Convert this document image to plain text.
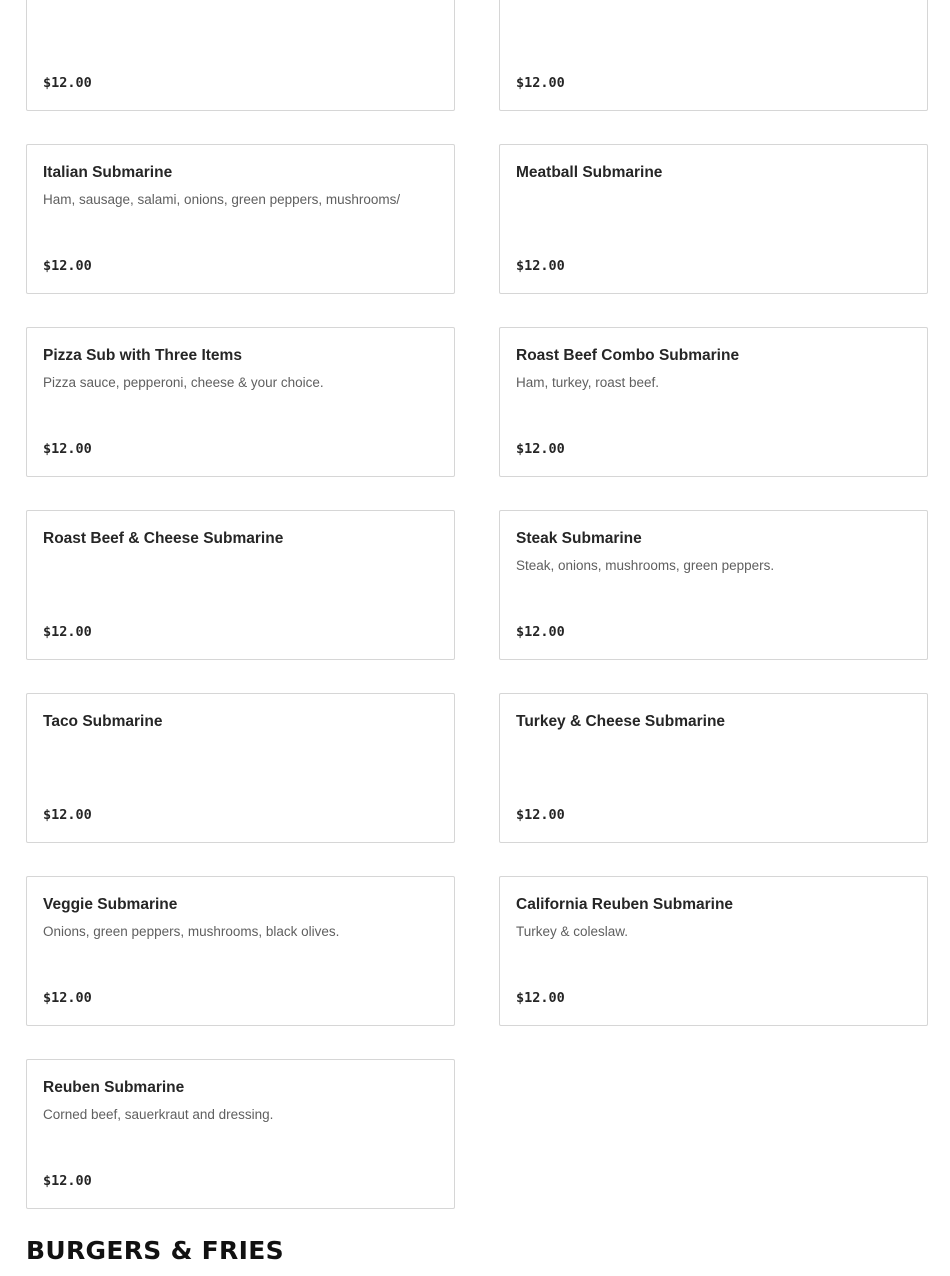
$12.00	$12.00
Italian Submarine
Ham, sausage, salami, onions, green peppers, mushrooms/
$12.00
Meatball Submarine
$12.00
Pizza Sub with Three Items
Pizza sauce, pepperoni, cheese & your choice.
$12.00
Roast Beef Combo Submarine
Ham, turkey, roast beef.
$12.00
Roast Beef & Cheese Submarine
$12.00
Steak Submarine
Steak, onions, mushrooms, green peppers.
$12.00
Taco Submarine
$12.00
Turkey & Cheese Submarine
$12.00
Veggie Submarine
Onions, green peppers, mushrooms, black olives.
$12.00
California Reuben Submarine
Turkey & coleslaw.
$12.00
Reuben Submarine
Corned beef, sauerkraut and dressing.
$12.00
BURGERS & FRIES
